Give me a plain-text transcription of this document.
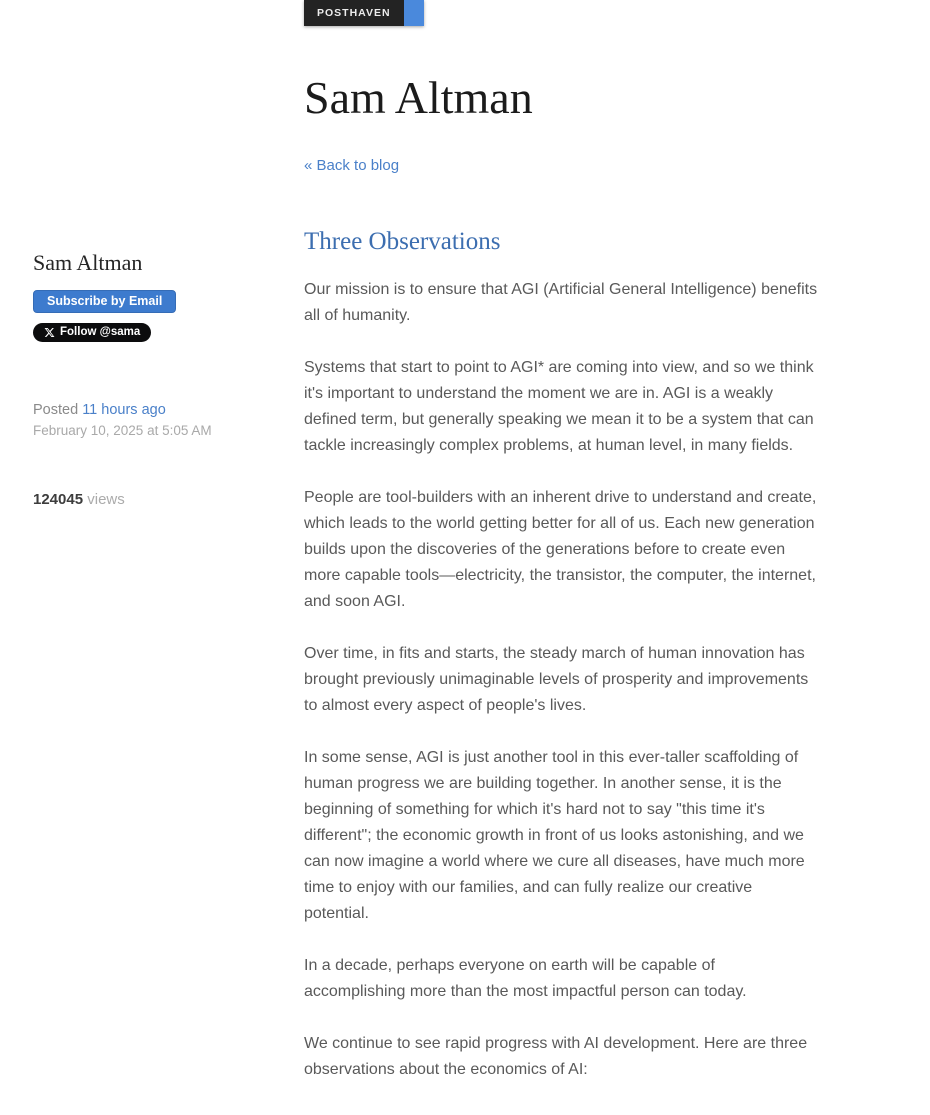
Sam Altman
Subscribe by Email

Follow @sama
Posted 11 hours ago
February 10, 2025 at 5:05 AM
124045 views
POSTHAVEN
Sam Altman
« Back to blog
Three Observations

Our mission is to ensure that AGI (Artificial General Intelligence) benefits all of humanity.

Systems that start to point to AGI* are coming into view, and so we think it's important to understand the moment we are in. AGI is a weakly defined term, but generally speaking we mean it to be a system that can tackle increasingly complex problems, at human level, in many fields.

People are tool-builders with an inherent drive to understand and create, which leads to the world getting better for all of us. Each new generation builds upon the discoveries of the generations before to create even more capable tools—electricity, the transistor, the computer, the internet, and soon AGI.

Over time, in fits and starts, the steady march of human innovation has brought previously unimaginable levels of prosperity and improvements to almost every aspect of people's lives.

In some sense, AGI is just another tool in this ever-taller scaffolding of human progress we are building together. In another sense, it is the beginning of something for which it's hard not to say "this time it's different"; the economic growth in front of us looks astonishing, and we can now imagine a world where we cure all diseases, have much more time to enjoy with our families, and can fully realize our creative potential.

In a decade, perhaps everyone on earth will be capable of accomplishing more than the most impactful person can today.

We continue to see rapid progress with AI development. Here are three observations about the economics of AI:
